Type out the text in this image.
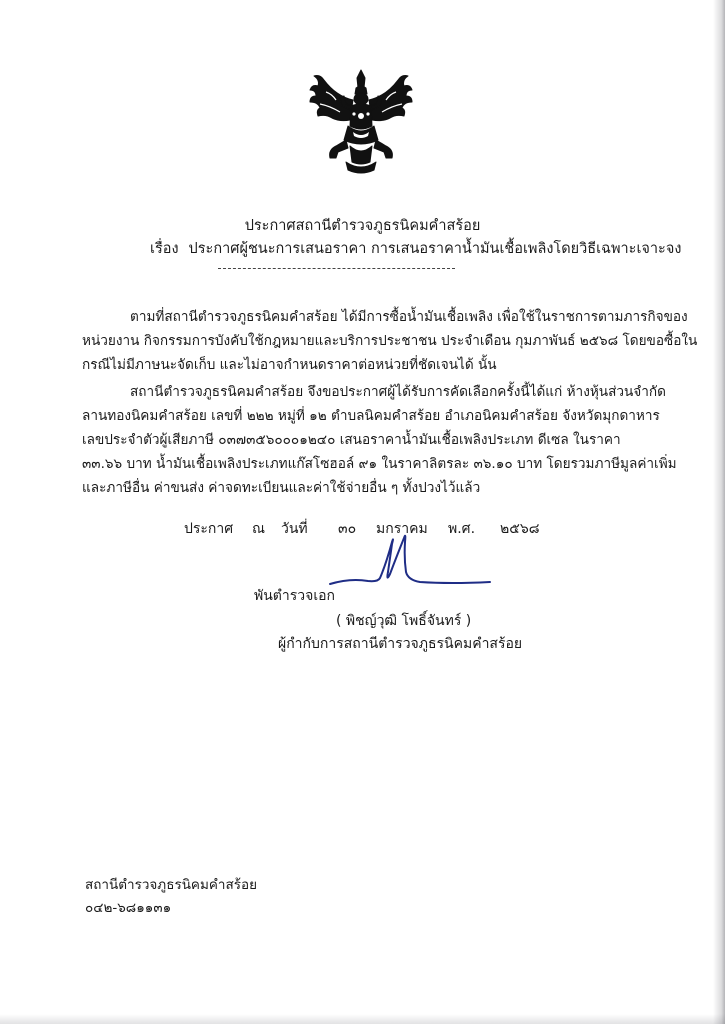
ประกาศสถานีตำรวจภูธรนิคมคำสร้อย
เรื่อง ประกาศผู้ชนะการเสนอราคา การเสนอราคาน้ำมันเชื้อเพลิงโดยวิธีเฉพาะเจาะจง
ตามที่สถานีตำรวจภูธรนิคมคำสร้อย ได้มีการซื้อน้ำมันเชื้อเพลิง เพื่อใช้ในราชการตามภารกิจของ
หน่วยงาน กิจกรรมการบังคับใช้กฎหมายและบริการประชาชน ประจำเดือน กุมภาพันธ์ ๒๕๖๘ โดยขอซื้อใน
กรณีไม่มีภาษนะจัดเก็บ และไม่อาจกำหนดราคาต่อหน่วยที่ชัดเจนได้ นั้น
สถานีตำรวจภูธรนิคมคำสร้อย จึงขอประกาศผู้ได้รับการคัดเลือกครั้งนี้ได้แก่ ห้างหุ้นส่วนจำกัด
ลานทองนิคมคำสร้อย เลขที่ ๒๒๒ หมู่ที่ ๑๒ ตำบลนิคมคำสร้อย อำเภอนิคมคำสร้อย จังหวัดมุกดาหาร
เลขประจำตัวผู้เสียภาษี ๐๓๗๓๕๖๐๐๐๑๒๔๐ เสนอราคาน้ำมันเชื้อเพลิงประเภท ดีเซล ในราคา
๓๓.๖๖ บาท น้ำมันเชื้อเพลิงประเภทแก๊สโซฮอล์ ๙๑ ในราคาลิตรละ ๓๖.๑๐ บาท โดยรวมภาษีมูลค่าเพิ่ม
และภาษีอื่น ค่าขนส่ง ค่าจดทะเบียนและค่าใช้จ่ายอื่น ๆ ทั้งปวงไว้แล้ว
ประกาศ ณ วันที่ ๓๐ มกราคม พ.ศ. ๒๕๖๘
พันตำรวจเอก
( พิชญ์วุฒิ โพธิ์จันทร์ )
ผู้กำกับการสถานีตำรวจภูธรนิคมคำสร้อย
สถานีตำรวจภูธรนิคมคำสร้อย
๐๔๒-๖๘๑๑๓๑
